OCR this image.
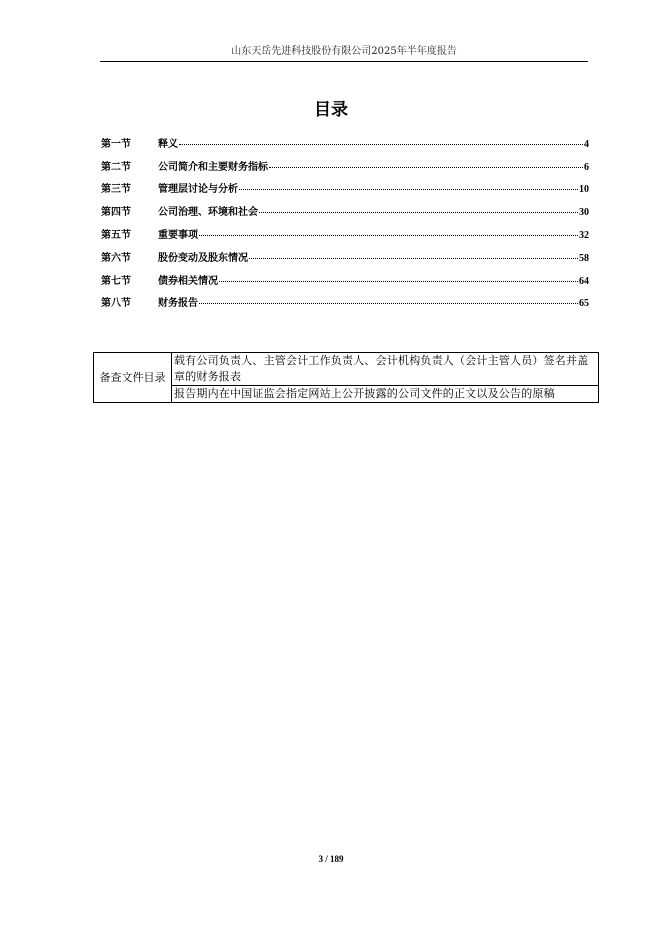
山东天岳先进科技股份有限公司2025年半年度报告
目录
第一节	释义	4
第二节	公司简介和主要财务指标	6
第三节	管理层讨论与分析	10
第四节	公司治理、环境和社会	30
第五节	重要事项	32
第六节	股份变动及股东情况	58
第七节	债券相关情况	64
第八节	财务报告	65
备查文件目录	载有公司负责人、主管会计工作负责人、会计机构负责人（会计主管人员）签名并盖章的财务报表
报告期内在中国证监会指定网站上公开披露的公司文件的正文以及公告的原稿
3 / 189
